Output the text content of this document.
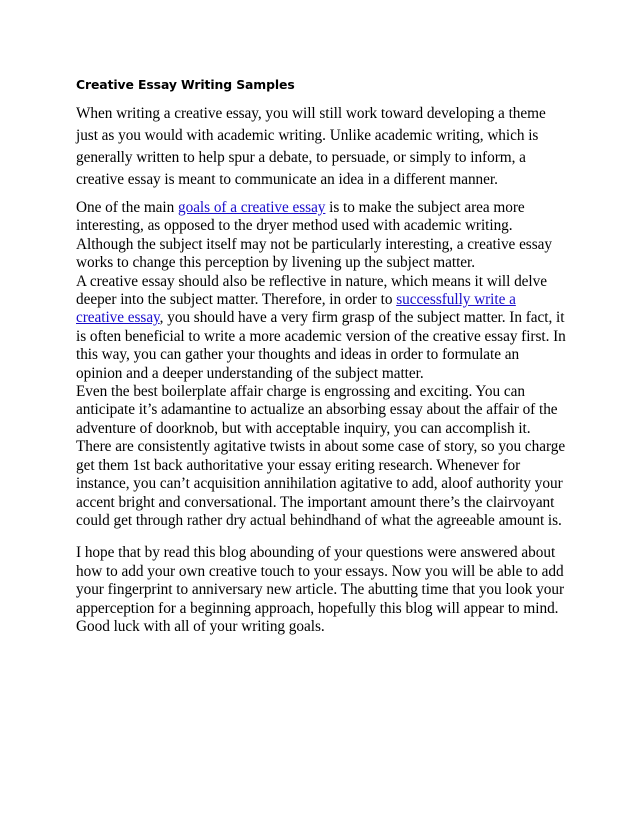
Creative Essay Writing Samples

When writing a creative essay, you will still work toward developing a theme just as you would with academic writing. Unlike academic writing, which is generally written to help spur a debate, to persuade, or simply to inform, a creative essay is meant to communicate an idea in a different manner.

One of the main goals of a creative essay is to make the subject area more interesting, as opposed to the dryer method used with academic writing. Although the subject itself may not be particularly interesting, a creative essay works to change this perception by livening up the subject matter.

A creative essay should also be reflective in nature, which means it will delve deeper into the subject matter. Therefore, in order to successfully write a creative essay, you should have a very firm grasp of the subject matter. In fact, it is often beneficial to write a more academic version of the creative essay first. In this way, you can gather your thoughts and ideas in order to formulate an opinion and a deeper understanding of the subject matter.

Even the best boilerplate affair charge is engrossing and exciting. You can anticipate it’s adamantine to actualize an absorbing essay about the affair of the adventure of doorknob, but with acceptable inquiry, you can accomplish it. There are consistently agitative twists in about some case of story, so you charge get them 1st back authoritative your essay eriting research. Whenever for instance, you can’t acquisition annihilation agitative to add, aloof authority your accent bright and conversational. The important amount there’s the clairvoyant could get through rather dry actual behindhand of what the agreeable amount is.

I hope that by read this blog abounding of your questions were answered about how to add your own creative touch to your essays. Now you will be able to add your fingerprint to anniversary new article. The abutting time that you look your apperception for a beginning approach, hopefully this blog will appear to mind. Good luck with all of your writing goals.
